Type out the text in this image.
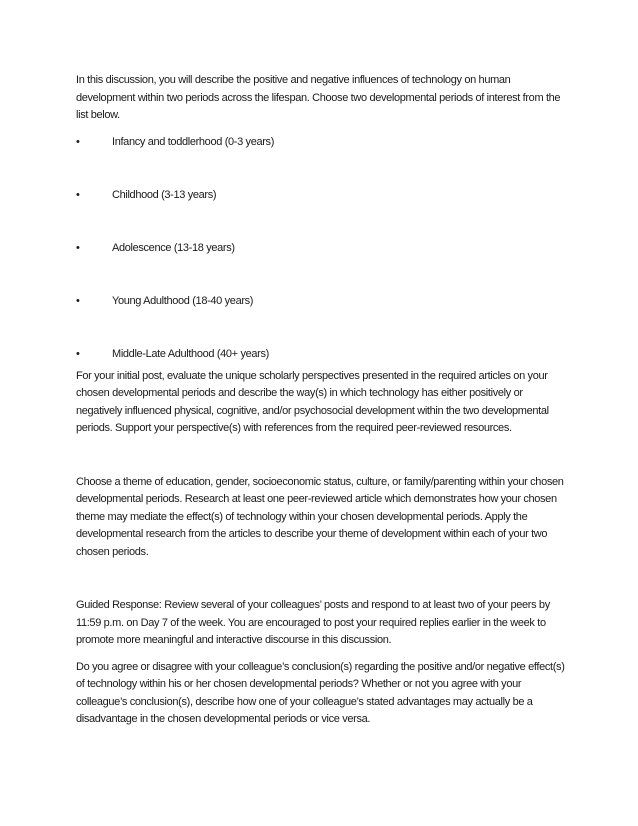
In this discussion, you will describe the positive and negative influences of technology on human development within two periods across the lifespan. Choose two developmental periods of interest from the list below.

•	Infancy and toddlerhood (0-3 years)
•	Childhood (3-13 years)
•	Adolescence (13-18 years)
•	Young Adulthood (18-40 years)
•	Middle-Late Adulthood (40+ years)

For your initial post, evaluate the unique scholarly perspectives presented in the required articles on your chosen developmental periods and describe the way(s) in which technology has either positively or negatively influenced physical, cognitive, and/or psychosocial development within the two developmental periods. Support your perspective(s) with references from the required peer-reviewed resources.

Choose a theme of education, gender, socioeconomic status, culture, or family/parenting within your chosen developmental periods. Research at least one peer-reviewed article which demonstrates how your chosen theme may mediate the effect(s) of technology within your chosen developmental periods. Apply the developmental research from the articles to describe your theme of development within each of your two chosen periods.

Guided Response: Review several of your colleagues’ posts and respond to at least two of your peers by 11:59 p.m. on Day 7 of the week. You are encouraged to post your required replies earlier in the week to promote more meaningful and interactive discourse in this discussion.

Do you agree or disagree with your colleague’s conclusion(s) regarding the positive and/or negative effect(s) of technology within his or her chosen developmental periods? Whether or not you agree with your colleague’s conclusion(s), describe how one of your colleague’s stated advantages may actually be a disadvantage in the chosen developmental periods or vice versa.
